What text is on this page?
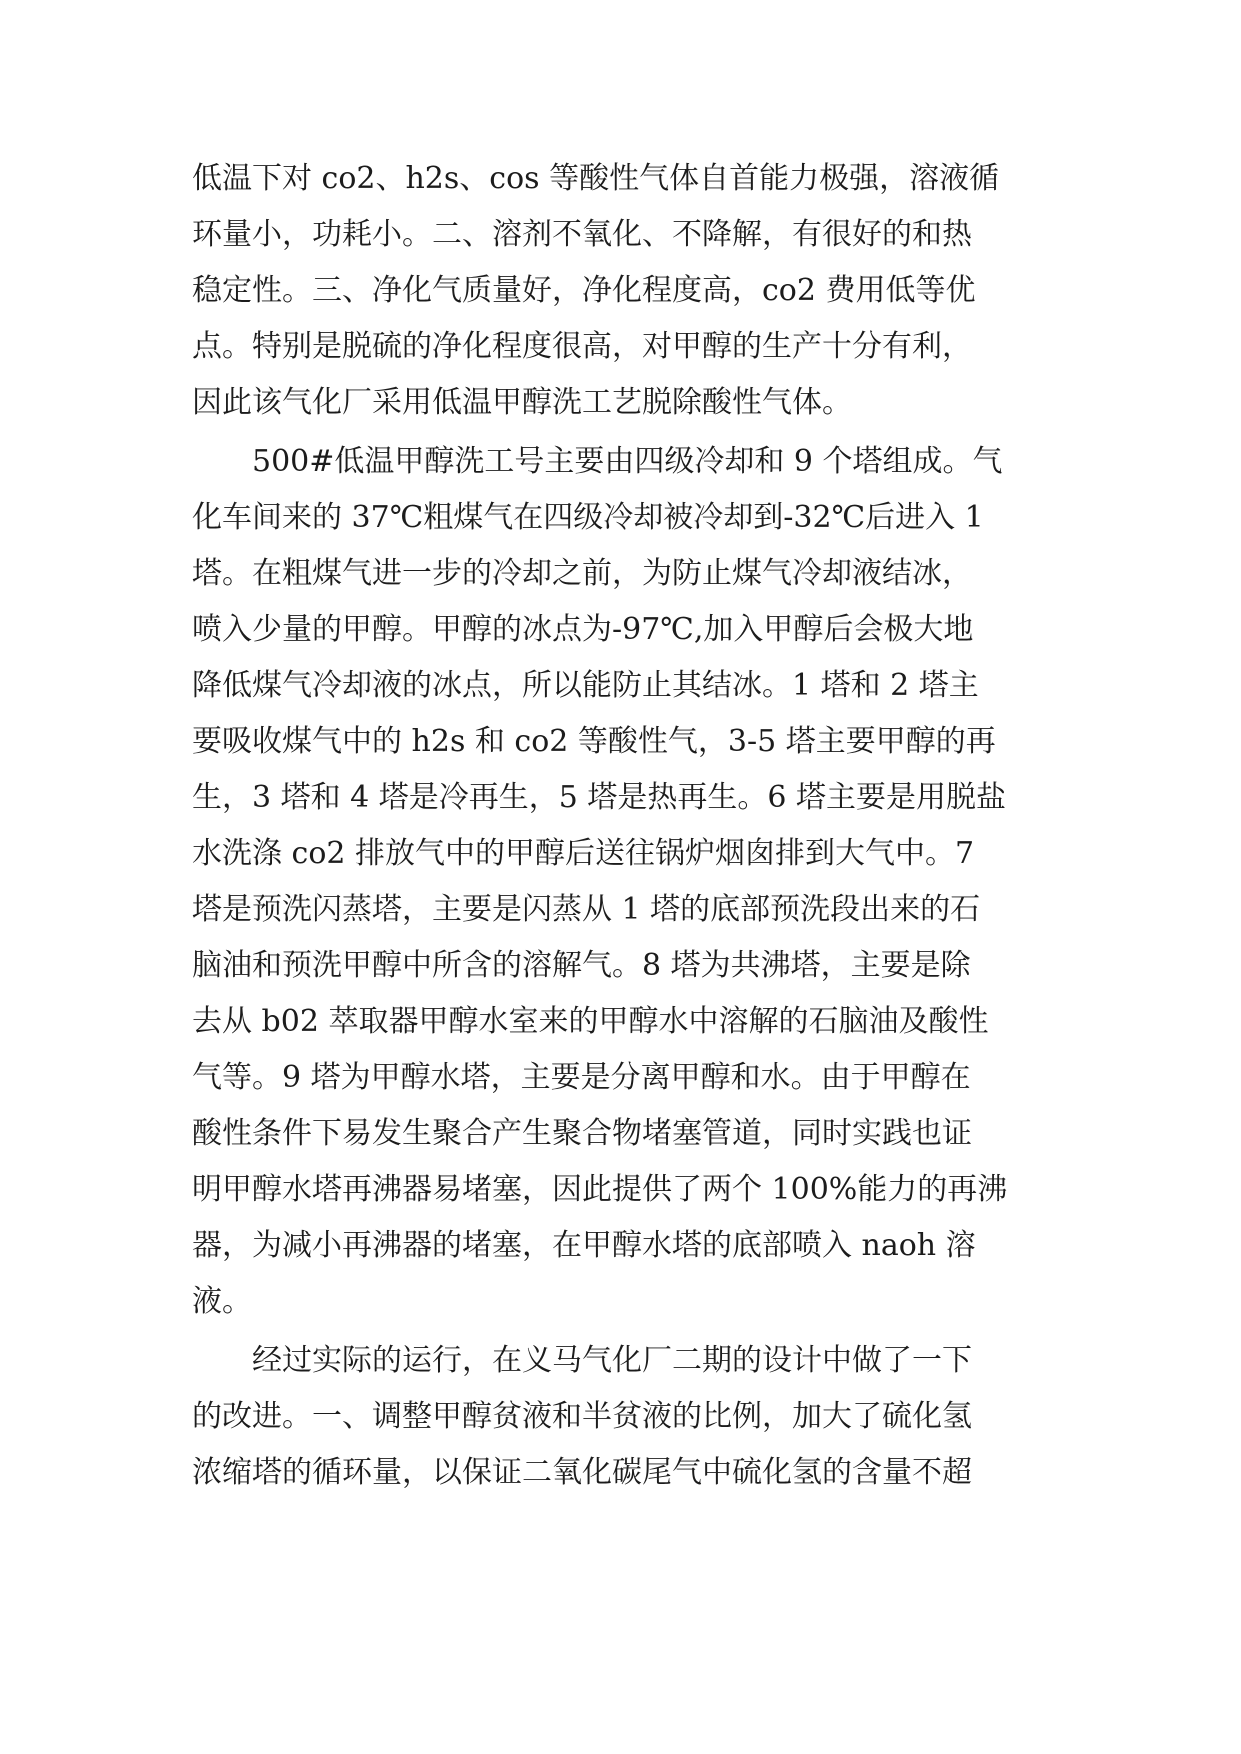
低温下对 co2、h2s、cos 等酸性气体自首能力极强，溶液循
环量小，功耗小。二、溶剂不氧化、不降解，有很好的和热
稳定性。三、净化气质量好，净化程度高，co2 费用低等优
点。特别是脱硫的净化程度很高，对甲醇的生产十分有利，
因此该气化厂采用低温甲醇洗工艺脱除酸性气体。
500#低温甲醇洗工号主要由四级冷却和 9 个塔组成。气
化车间来的 37℃粗煤气在四级冷却被冷却到-32℃后进入 1
塔。在粗煤气进一步的冷却之前，为防止煤气冷却液结冰，
喷入少量的甲醇。甲醇的冰点为-97℃,加入甲醇后会极大地
降低煤气冷却液的冰点，所以能防止其结冰。1 塔和 2 塔主
要吸收煤气中的 h2s 和 co2 等酸性气，3-5 塔主要甲醇的再
生，3 塔和 4 塔是冷再生，5 塔是热再生。6 塔主要是用脱盐
水洗涤 co2 排放气中的甲醇后送往锅炉烟囱排到大气中。7
塔是预洗闪蒸塔，主要是闪蒸从 1 塔的底部预洗段出来的石
脑油和预洗甲醇中所含的溶解气。8 塔为共沸塔，主要是除
去从 b02 萃取器甲醇水室来的甲醇水中溶解的石脑油及酸性
气等。9 塔为甲醇水塔，主要是分离甲醇和水。由于甲醇在
酸性条件下易发生聚合产生聚合物堵塞管道，同时实践也证
明甲醇水塔再沸器易堵塞，因此提供了两个 100%能力的再沸
器，为减小再沸器的堵塞，在甲醇水塔的底部喷入 naoh 溶
液。
经过实际的运行，在义马气化厂二期的设计中做了一下
的改进。一、调整甲醇贫液和半贫液的比例，加大了硫化氢
浓缩塔的循环量，以保证二氧化碳尾气中硫化氢的含量不超
